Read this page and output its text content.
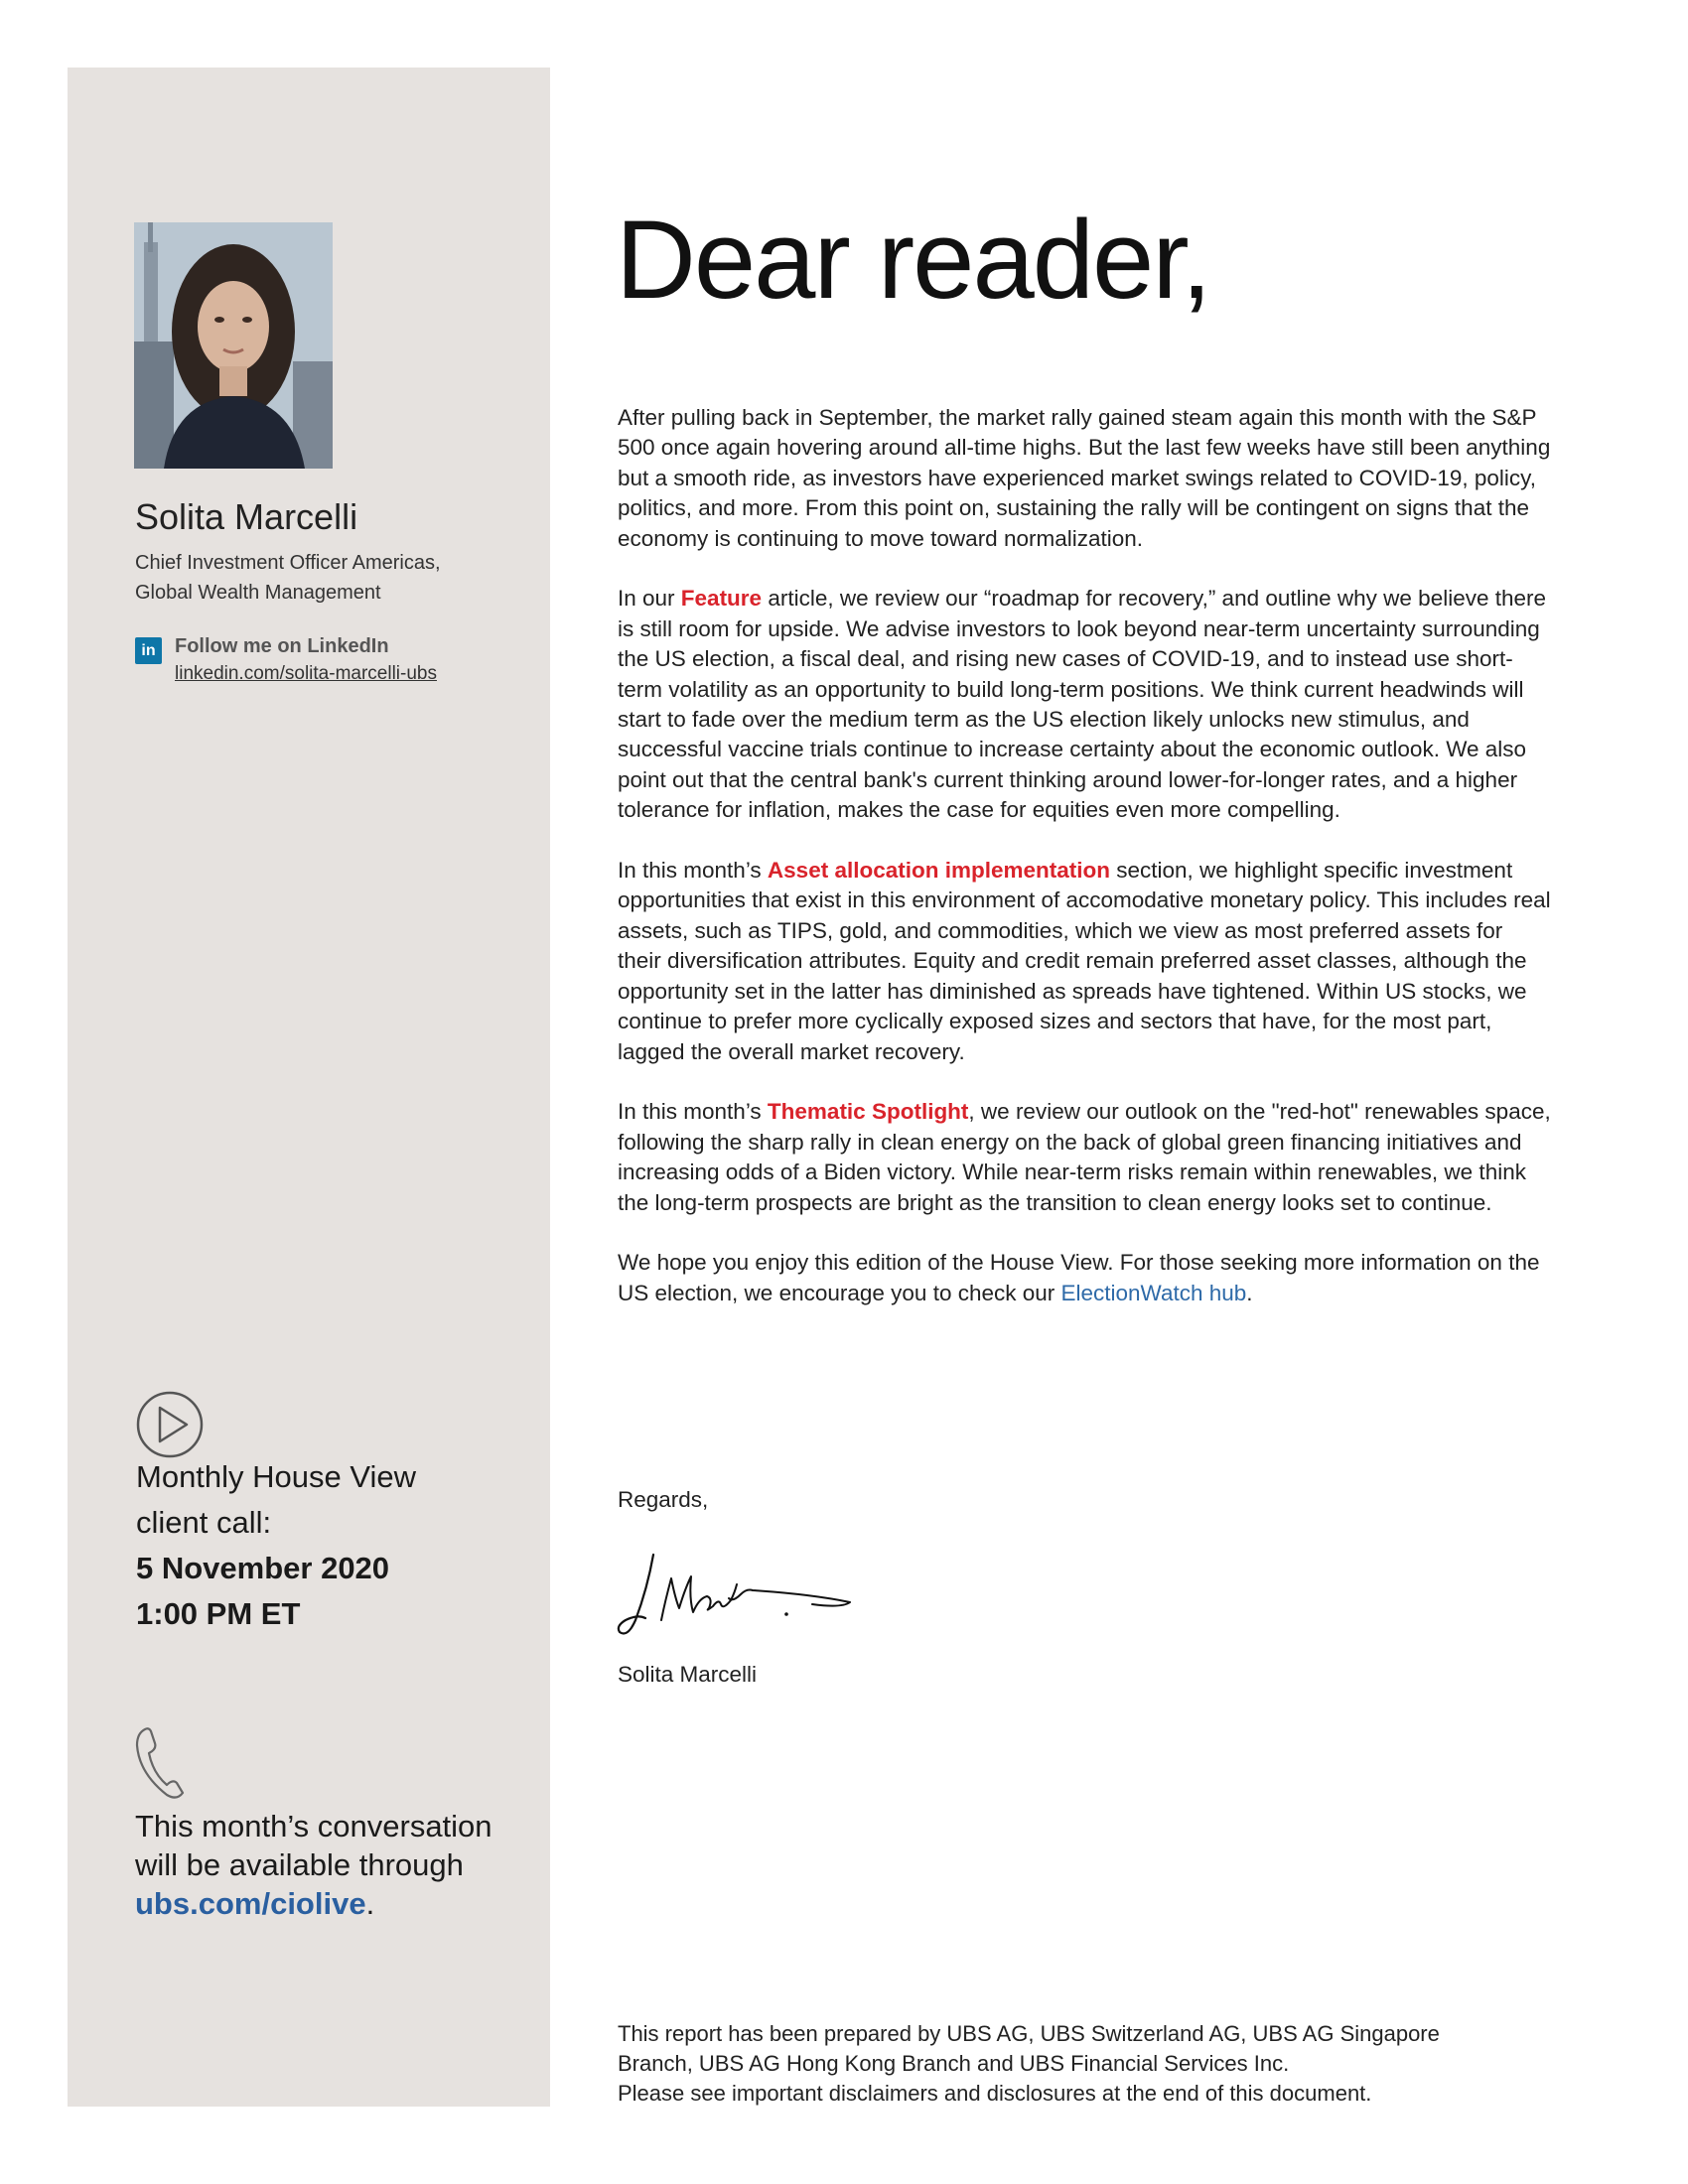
Solita Marcelli
Chief Investment Officer Americas,
Global Wealth Management
in Follow me on LinkedIn
linkedin.com/solita-marcelli-ubs
Monthly House View
client call:
5 November 2020
1:00 PM ET
This month’s conversation will be available through ubs.com/ciolive.
Dear reader,

After pulling back in September, the market rally gained steam again this month with the S&P 500 once again hovering around all-time highs. But the last few weeks have still been anything but a smooth ride, as investors have experienced market swings related to COVID-19, policy, politics, and more. From this point on, sustaining the rally will be contingent on signs that the economy is continuing to move toward normalization.

In our Feature article, we review our “roadmap for recovery,” and outline why we believe there is still room for upside. We advise investors to look beyond near-term uncertainty surrounding the US election, a fiscal deal, and rising new cases of COVID-19, and to instead use short-term volatility as an opportunity to build long-term positions. We think current headwinds will start to fade over the medium term as the US election likely unlocks new stimulus, and successful vaccine trials continue to increase certainty about the economic outlook. We also point out that the central bank's current thinking around lower-for-longer rates, and a higher tolerance for inflation, makes the case for equities even more compelling.

In this month’s Asset allocation implementation section, we highlight specific investment opportunities that exist in this environment of accomodative monetary policy. This includes real assets, such as TIPS, gold, and commodities, which we view as most preferred assets for their diversification attributes. Equity and credit remain preferred asset classes, although the opportunity set in the latter has diminished as spreads have tightened. Within US stocks, we continue to prefer more cyclically exposed sizes and sectors that have, for the most part, lagged the overall market recovery.

In this month’s Thematic Spotlight, we review our outlook on the "red-hot" renewables space, following the sharp rally in clean energy on the back of global green financing initiatives and increasing odds of a Biden victory. While near-term risks remain within renewables, we think the long-term prospects are bright as the transition to clean energy looks set to continue.

We hope you enjoy this edition of the House View. For those seeking more information on the US election, we encourage you to check our ElectionWatch hub.

Regards,
Solita Marcelli
This report has been prepared by UBS AG, UBS Switzerland AG, UBS AG Singapore
Branch, UBS AG Hong Kong Branch and UBS Financial Services Inc.
Please see important disclaimers and disclosures at the end of this document.
